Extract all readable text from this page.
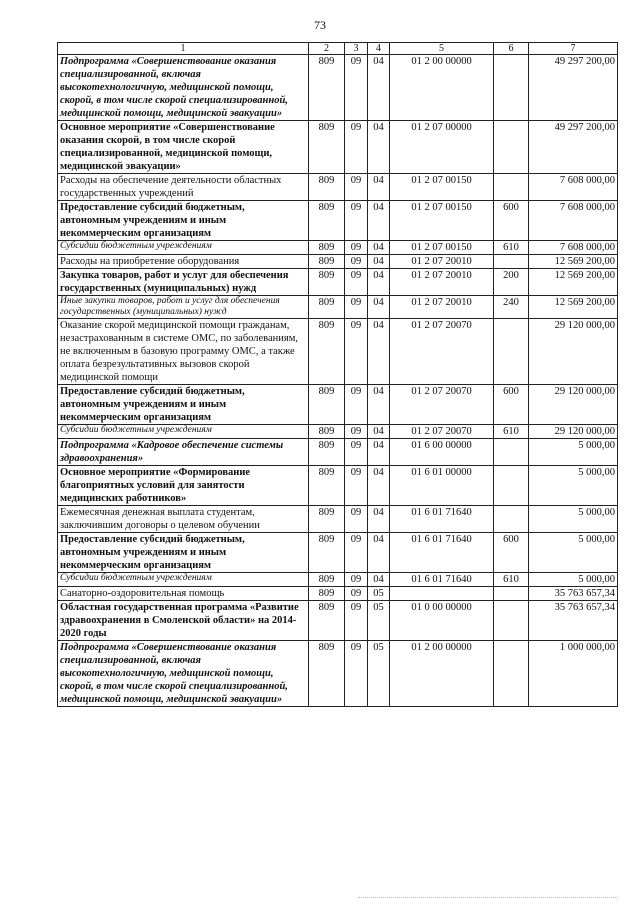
73
1	2	3	4	5	6	7
Подпрограмма «Совершенствование оказания специализированной, включая высокотехнологичную, медицинской помощи, скорой, в том числе скорой специализированной, медицинской помощи, медицинской эвакуации»	809	09	04	01 2 00 00000		49 297 200,00
Основное мероприятие «Совершенствование оказания скорой, в том числе скорой специализированной, медицинской помощи, медицинской эвакуации»	809	09	04	01 2 07 00000		49 297 200,00
Расходы на обеспечение деятельности областных государственных учреждений	809	09	04	01 2 07 00150		7 608 000,00
Предоставление субсидий бюджетным, автономным учреждениям и иным некоммерческим организациям	809	09	04	01 2 07 00150	600	7 608 000,00
Субсидии бюджетным учреждениям	809	09	04	01 2 07 00150	610	7 608 000,00
Расходы на приобретение оборудования	809	09	04	01 2 07 20010		12 569 200,00
Закупка товаров, работ и услуг для обеспечения государственных (муниципальных) нужд	809	09	04	01 2 07 20010	200	12 569 200,00
Иные закупки товаров, работ и услуг для обеспечения государственных (муниципальных) нужд	809	09	04	01 2 07 20010	240	12 569 200,00
Оказание скорой медицинской помощи гражданам, незастрахованным в системе ОМС, по заболеваниям, не включенным в базовую программу ОМС, а также оплата безрезультативных вызовов скорой медицинской помощи	809	09	04	01 2 07 20070		29 120 000,00
Предоставление субсидий бюджетным, автономным учреждениям и иным некоммерческим организациям	809	09	04	01 2 07 20070	600	29 120 000,00
Субсидии бюджетным учреждениям	809	09	04	01 2 07 20070	610	29 120 000,00
Подпрограмма «Кадровое обеспечение системы здравоохранения»	809	09	04	01 6 00 00000		5 000,00
Основное мероприятие «Формирование благоприятных условий для занятости медицинских работников»	809	09	04	01 6 01 00000		5 000,00
Ежемесячная денежная выплата студентам, заключившим договоры о целевом обучении	809	09	04	01 6 01 71640		5 000,00
Предоставление субсидий бюджетным, автономным учреждениям и иным некоммерческим организациям	809	09	04	01 6 01 71640	600	5 000,00
Субсидии бюджетным учреждениям	809	09	04	01 6 01 71640	610	5 000,00
Санаторно-оздоровительная помощь	809	09	05			35 763 657,34
Областная государственная программа «Развитие здравоохранения в Смоленской области» на 2014-2020 годы	809	09	05	01 0 00 00000		35 763 657,34
Подпрограмма «Совершенствование оказания специализированной, включая высокотехнологичную, медицинской помощи, скорой, в том числе скорой специализированной, медицинской помощи, медицинской эвакуации»	809	09	05	01 2 00 00000		1 000 000,00
